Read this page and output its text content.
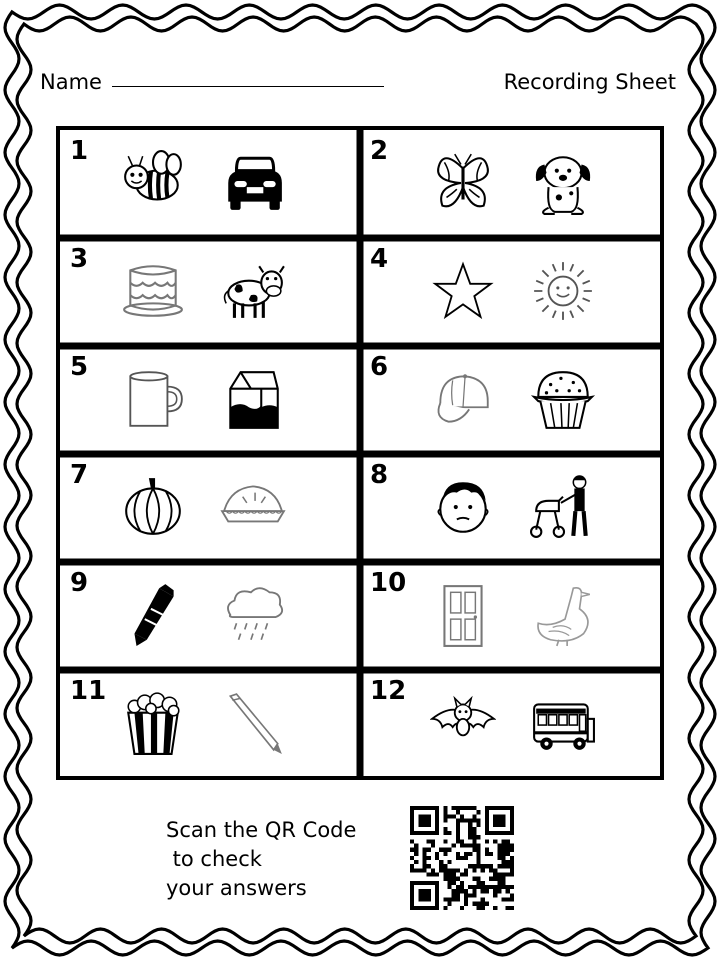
Name	Recording Sheet
1	2
3	4
5	6
7	8
9	10
11	12
Scan the QR Code
to check
your answers
